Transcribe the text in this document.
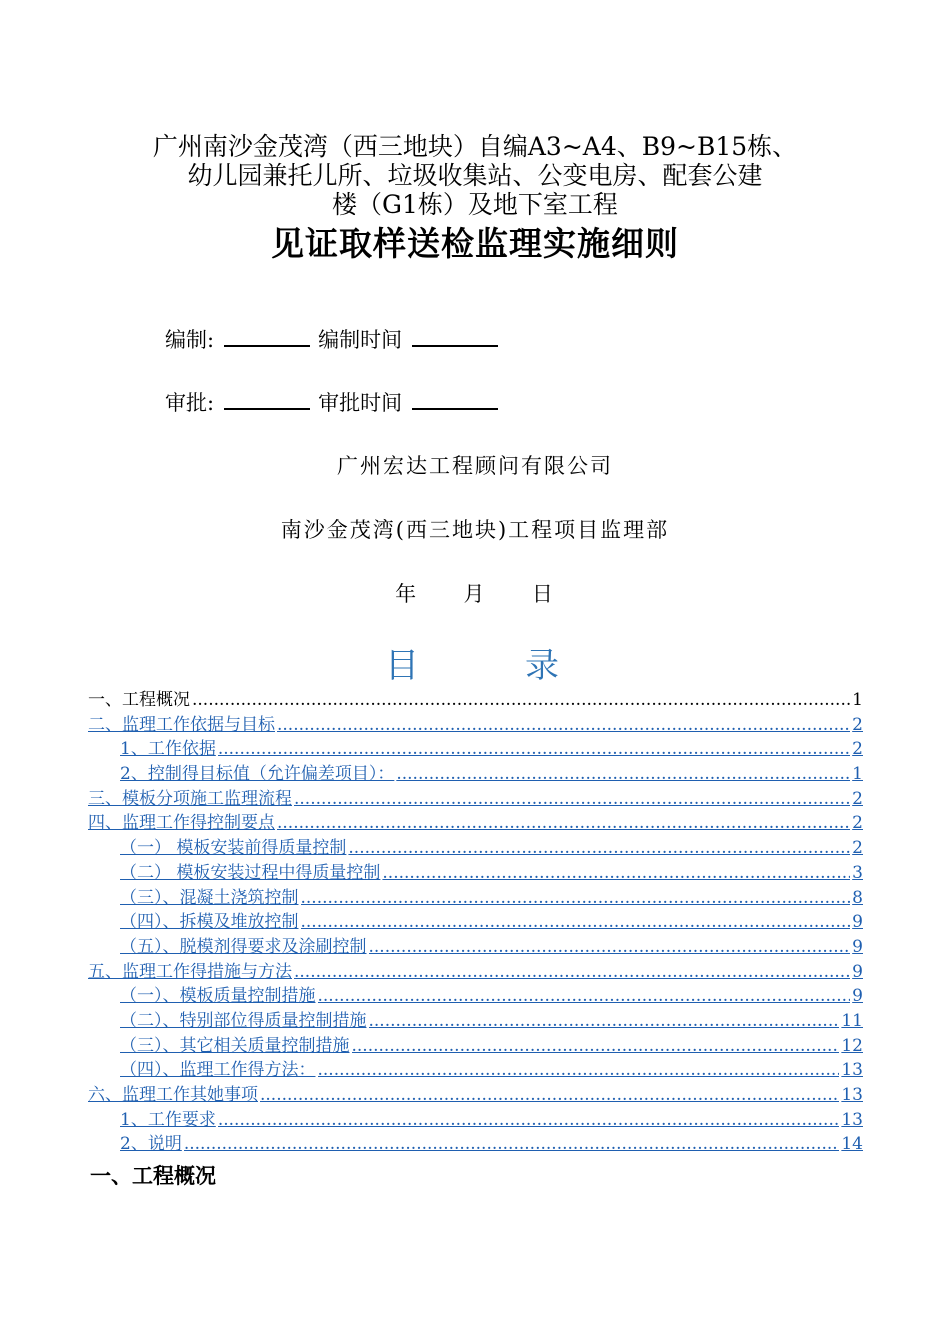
广州南沙金茂湾（西三地块）自编A3~A4、B9~B15栋、
幼儿园兼托儿所、垃圾收集站、公变电房、配套公建
楼（G1栋）及地下室工程
见证取样送检监理实施细则
编制:	编制时间
审批:	审批时间
广州宏达工程顾问有限公司
南沙金茂湾(西三地块)工程项目监理部
年 月 日
目	录
一、工程概况 .....	1
二、监理工作依据与目标 .....	2
1、工作依据 .....	2
2、控制得目标值（允许偏差项目）： .....	1
三、模板分项施工监理流程 .....	2
四、监理工作得控制要点 .....	2
（一） 模板安装前得质量控制 .....	2
（二） 模板安装过程中得质量控制 .....	3
（三）、混凝土浇筑控制 .....	8
（四）、拆模及堆放控制 .....	9
（五）、脱模剂得要求及涂刷控制 .....	9
五、监理工作得措施与方法 .....	9
（一）、模板质量控制措施 .....	9
（二）、特别部位得质量控制措施 .....	11
（三）、其它相关质量控制措施 .....	12
（四）、监理工作得方法： .....	13
六、监理工作其她事项 .....	13
1、工作要求 .....	13
2、说明 .....	14
一、工程概况
